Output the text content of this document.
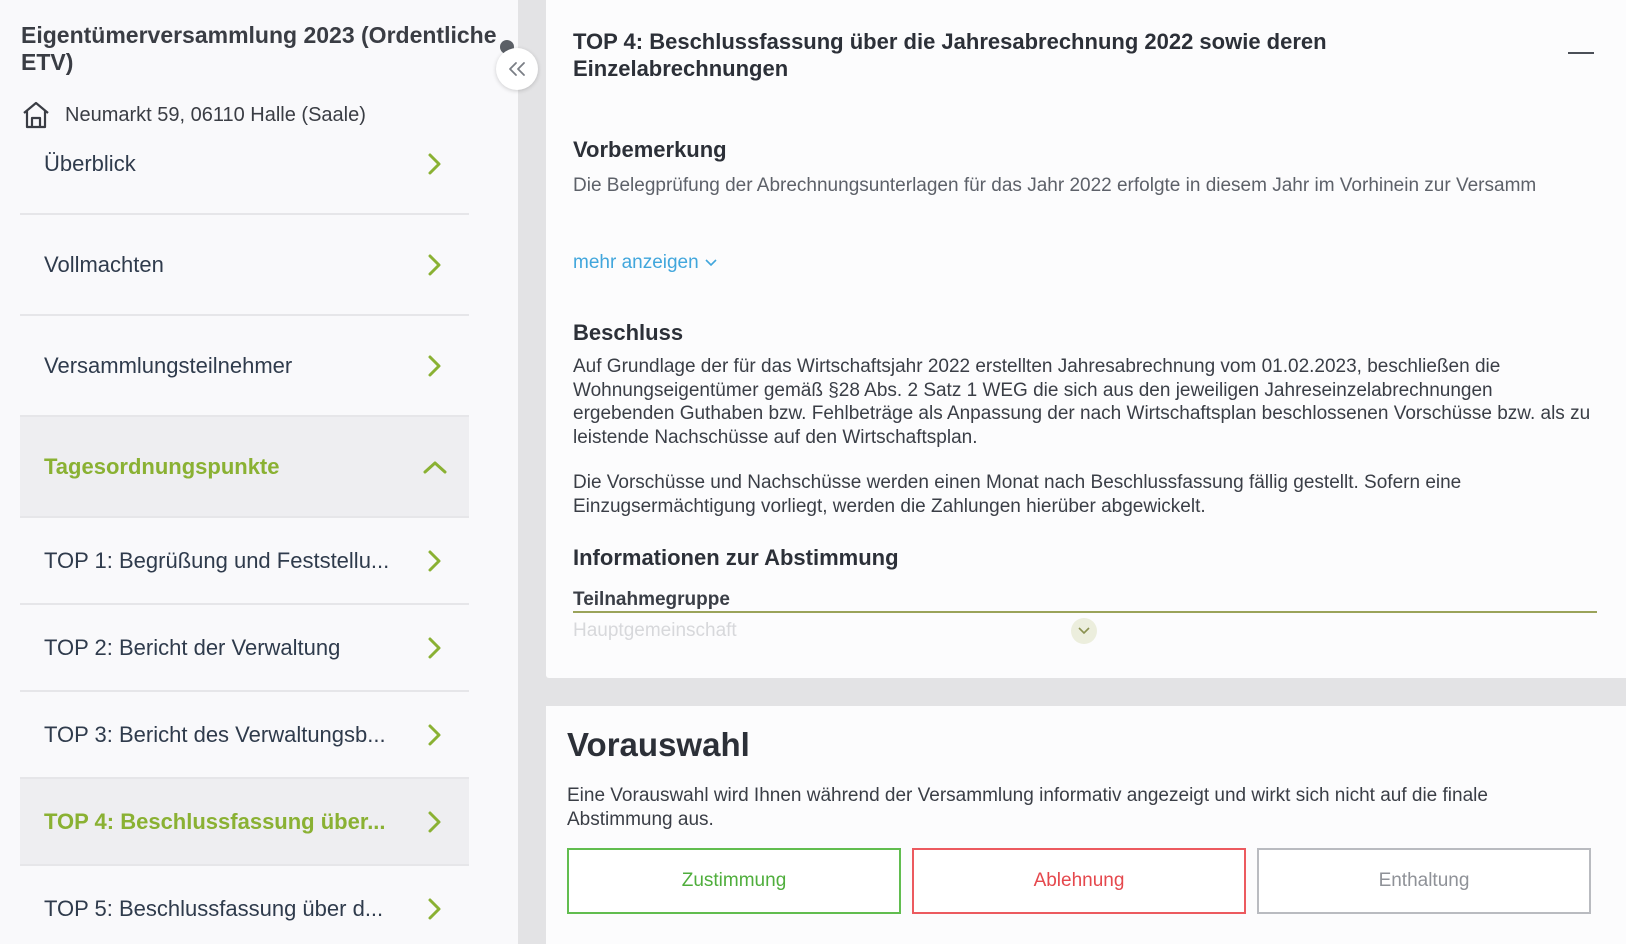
Eigentümerversammlung 2023 (Ordentliche ETV)
Neumarkt 59, 06110 Halle (Saale)
Überblick
Vollmachten
Versammlungsteilnehmer
Tagesordnungspunkte
TOP 1: Begrüßung und Feststellu...
TOP 2: Bericht der Verwaltung
TOP 3: Bericht des Verwaltungsb...
TOP 4: Beschlussfassung über...
TOP 5: Beschlussfassung über d...
TOP 4: Beschlussfassung über die Jahresabrechnung 2022 sowie deren Einzelabrechnungen
Vorbemerkung
Die Belegprüfung der Abrechnungsunterlagen für das Jahr 2022 erfolgte in diesem Jahr im Vorhinein zur Versamm
mehr anzeigen
Beschluss

Auf Grundlage der für das Wirtschaftsjahr 2022 erstellten Jahresabrechnung vom 01.02.2023, beschließen die Wohnungseigentümer gemäß §28 Abs. 2 Satz 1 WEG die sich aus den jeweiligen Jahreseinzelabrechnungen ergebenden Guthaben bzw. Fehlbeträge als Anpassung der nach Wirtschaftsplan beschlossenen Vorschüsse bzw. als zu leistende Nachschüsse auf den Wirtschaftsplan.

Die Vorschüsse und Nachschüsse werden einen Monat nach Beschlussfassung fällig gestellt. Sofern eine Einzugsermächtigung vorliegt, werden die Zahlungen hierüber abgewickelt.

Informationen zur Abstimmung
Teilnahmegruppe
Hauptgemeinschaft
Vorauswahl

Eine Vorauswahl wird Ihnen während der Versammlung informativ angezeigt und wirkt sich nicht auf die finale Abstimmung aus.

Zustimmung	Ablehnung	Enthaltung
